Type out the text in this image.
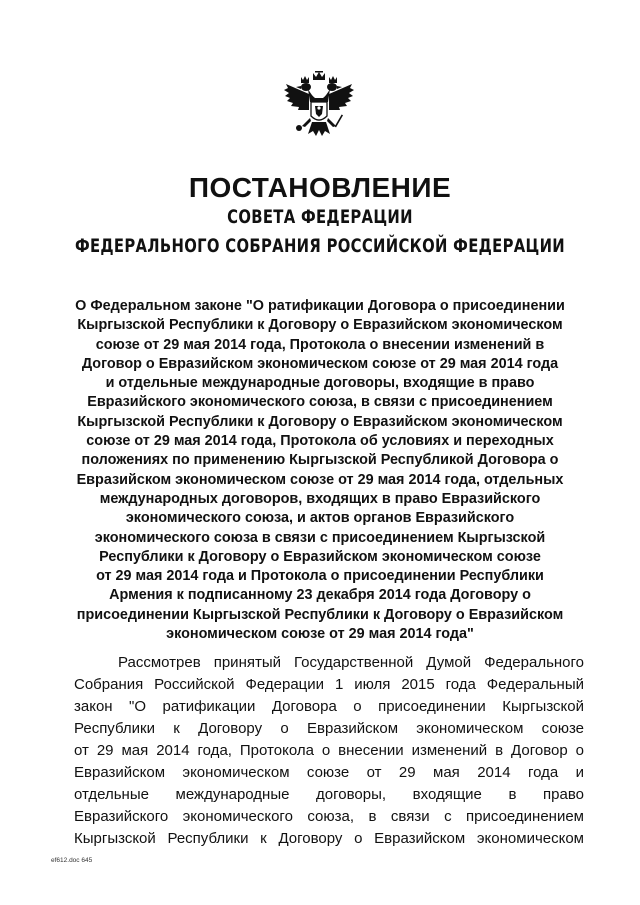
ПОСТАНОВЛЕНИЕ
СОВЕТА ФЕДЕРАЦИИ
ФЕДЕРАЛЬНОГО СОБРАНИЯ РОССИЙСКОЙ ФЕДЕРАЦИИ
О Федеральном законе "О ратификации Договора о присоединении
Кыргызской Республики к Договору о Евразийском экономическом
союзе от 29 мая 2014 года, Протокола о внесении изменений в
Договор о Евразийском экономическом союзе от 29 мая 2014 года
и отдельные международные договоры, входящие в право
Евразийского экономического союза, в связи с присоединением
Кыргызской Республики к Договору о Евразийском экономическом
союзе от 29 мая 2014 года, Протокола об условиях и переходных
положениях по применению Кыргызской Республикой Договора о
Евразийском экономическом союзе от 29 мая 2014 года, отдельных
международных договоров, входящих в право Евразийского
экономического союза, и актов органов Евразийского
экономического союза в связи с присоединением Кыргызской
Республики к Договору о Евразийском экономическом союзе
от 29 мая 2014 года и Протокола о присоединении Республики
Армения к подписанному 23 декабря 2014 года Договору о
присоединении Кыргызской Республики к Договору о Евразийском
экономическом союзе от 29 мая 2014 года"
Рассмотрев принятый Государственной Думой Федерального
Собрания Российской Федерации 1 июля 2015 года Федеральный
закон "О ратификации Договора о присоединении Кыргызской
Республики к Договору о Евразийском экономическом союзе
от 29 мая 2014 года, Протокола о внесении изменений в Договор о
Евразийском экономическом союзе от 29 мая 2014 года и
отдельные международные договоры, входящие в право
Евразийского экономического союза, в связи с присоединением
Кыргызской Республики к Договору о Евразийском экономическом
ef612.doc 645
